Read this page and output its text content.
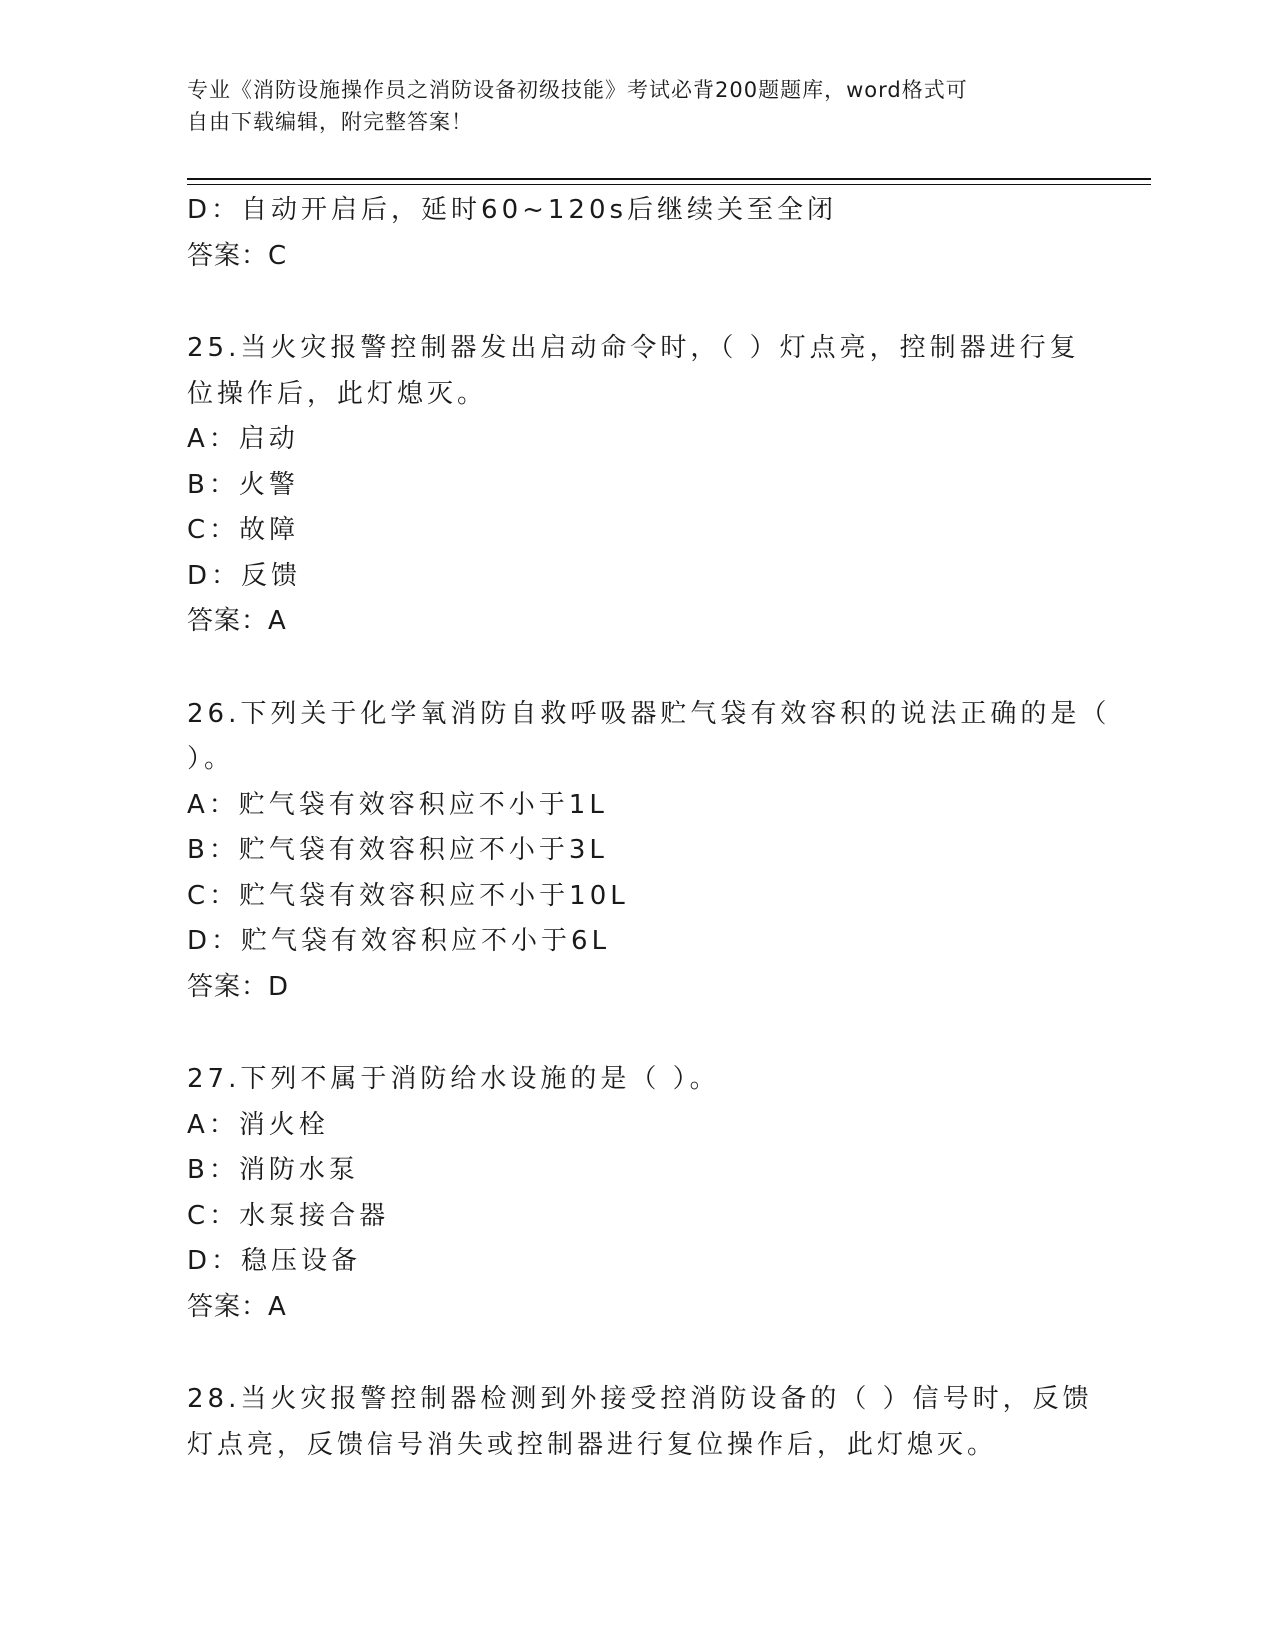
专业《消防设施操作员之消防设备初级技能》考试必背200题题库，word格式可
自由下载编辑，附完整答案！
D：自动开启后，延时60~120s后继续关至全闭
答案：C
25.当火灾报警控制器发出启动命令时，（ ）灯点亮，控制器进行复
位操作后，此灯熄灭。
A：启动
B：火警
C：故障
D：反馈
答案：A
26.下列关于化学氧消防自救呼吸器贮气袋有效容积的说法正确的是（
）。
A：贮气袋有效容积应不小于1L
B：贮气袋有效容积应不小于3L
C：贮气袋有效容积应不小于10L
D：贮气袋有效容积应不小于6L
答案：D
27.下列不属于消防给水设施的是（ ）。
A：消火栓
B：消防水泵
C：水泵接合器
D：稳压设备
答案：A
28.当火灾报警控制器检测到外接受控消防设备的（ ）信号时，反馈
灯点亮，反馈信号消失或控制器进行复位操作后，此灯熄灭。
